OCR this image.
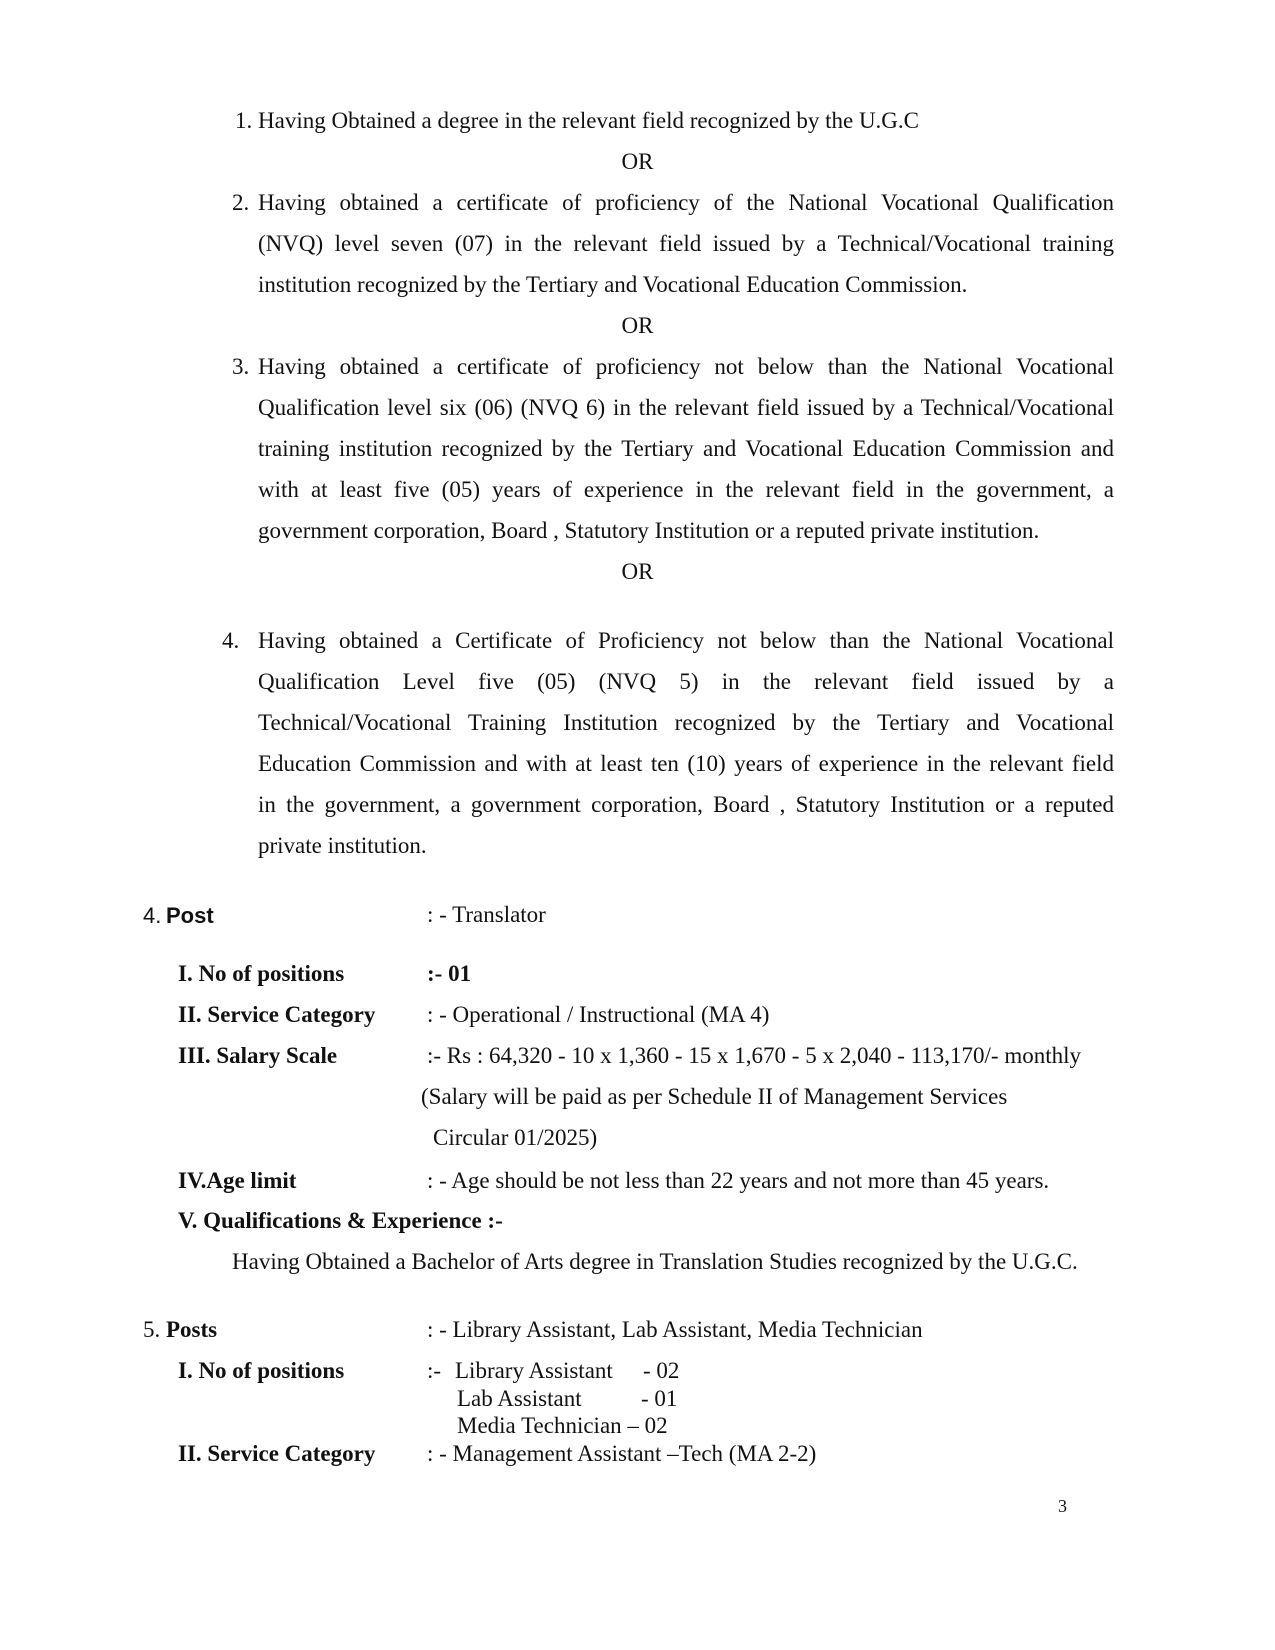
1. Having Obtained a degree in the relevant field recognized by the U.G.C
OR
2. Having obtained a certificate of proficiency of the National Vocational Qualification
(NVQ) level seven (07) in the relevant field issued by a Technical/Vocational training
institution recognized by the Tertiary and Vocational Education Commission.
OR
3. Having obtained a certificate of proficiency not below than the National Vocational
Qualification level six (06) (NVQ 6) in the relevant field issued by a Technical/Vocational
training institution recognized by the Tertiary and Vocational Education Commission and
with at least five (05) years of experience in the relevant field in the government, a
government corporation, Board , Statutory Institution or a reputed private institution.
OR
4. Having obtained a Certificate of Proficiency not below than the National Vocational
Qualification Level five (05) (NVQ 5) in the relevant field issued by a
Technical/Vocational Training Institution recognized by the Tertiary and Vocational
Education Commission and with at least ten (10) years of experience in the relevant field
in the government, a government corporation, Board , Statutory Institution or a reputed
private institution.
4. Post	: - Translator
I. No of positions	:- 01
II. Service Category : - Operational / Instructional (MA 4)
III. Salary Scale	:- Rs : 64,320 - 10 x 1,360 - 15 x 1,670 - 5 x 2,040 - 113,170/- monthly
(Salary will be paid as per Schedule II of Management Services
Circular 01/2025)
IV.Age limit	: - Age should be not less than 22 years and not more than 45 years.
V. Qualifications & Experience :-
Having Obtained a Bachelor of Arts degree in Translation Studies recognized by the U.G.C.
5. Posts	: - Library Assistant, Lab Assistant, Media Technician
I. No of positions	:- Library Assistant - 02
Lab Assistant	- 01
Media Technician – 02
II. Service Category : - Management Assistant –Tech (MA 2-2)
3
